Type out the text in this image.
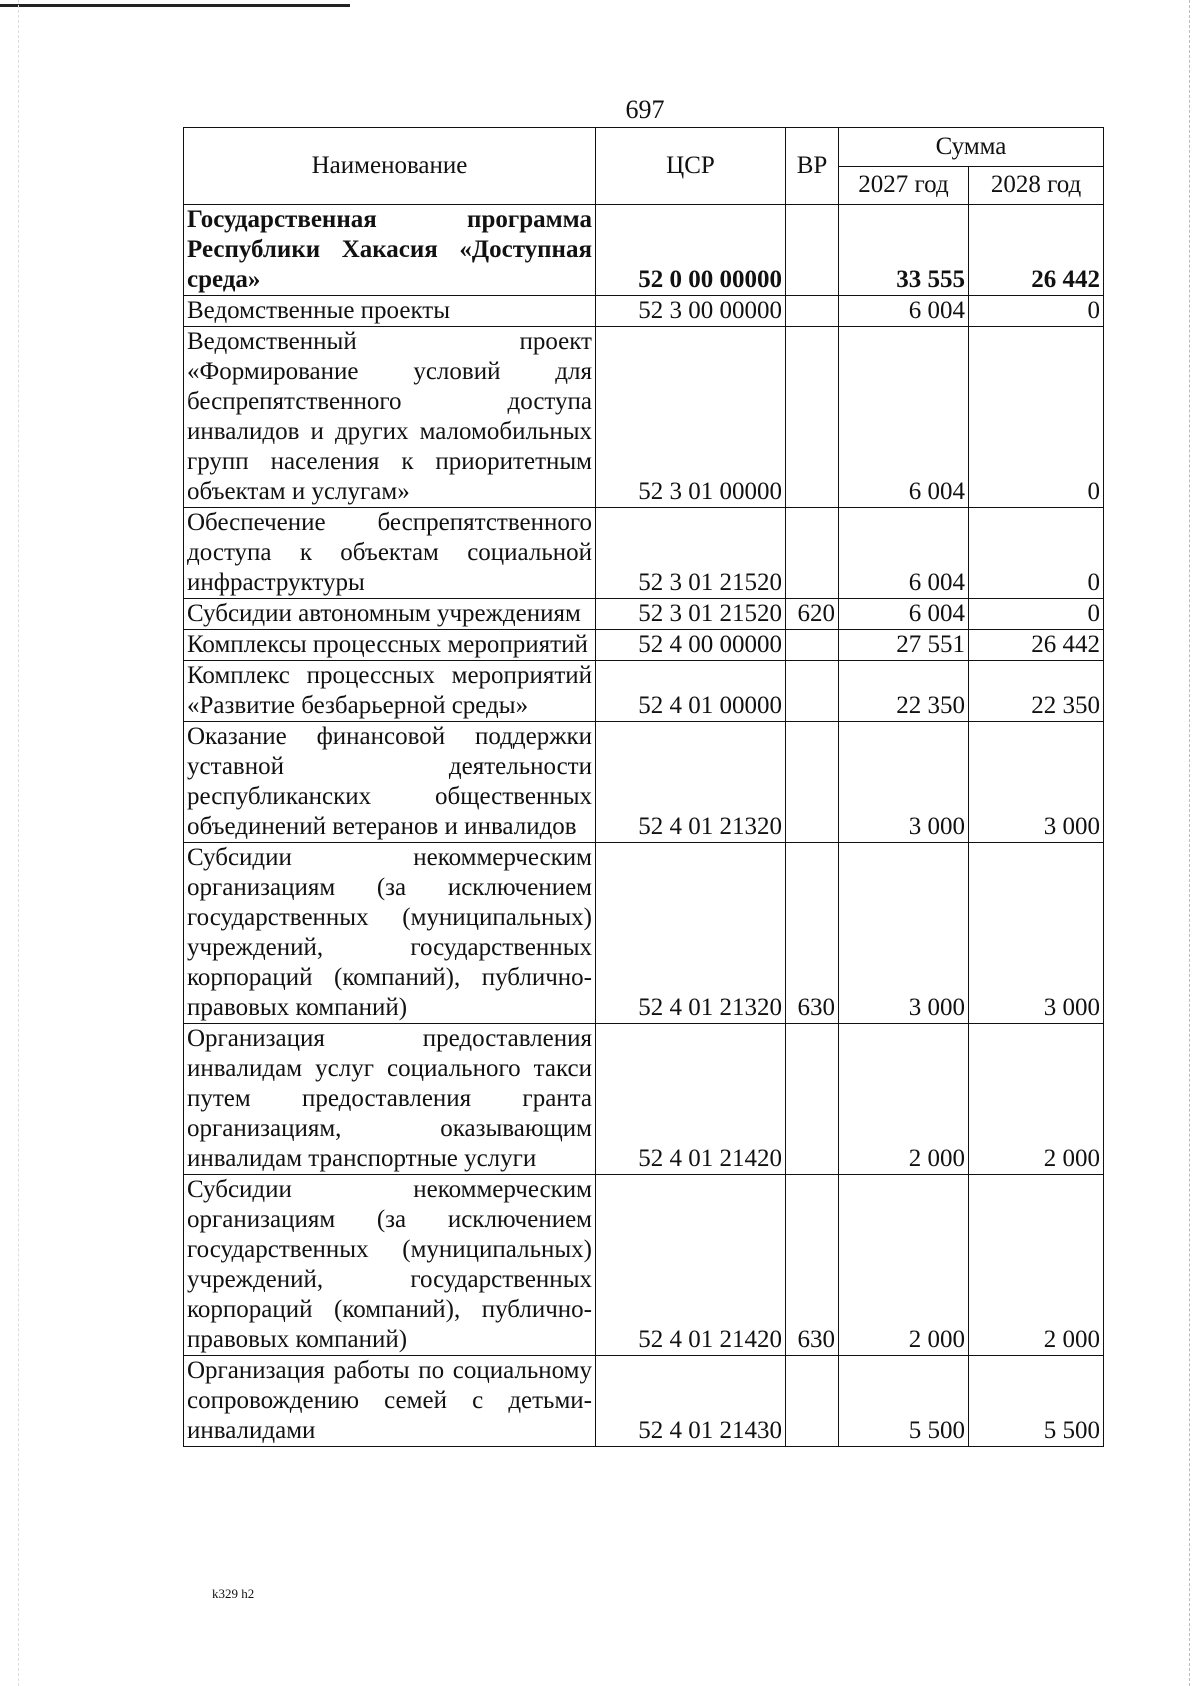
697
Наименование	ЦСР	ВР	Сумма	
			2027 год	2028 год
Государственная программа Республики Хакасия «Доступная среда»	52 0 00 00000		33 555	26 442
Ведомственные проекты	52 3 00 00000		6 004	0
Ведомственный проект «Формирование условий для беспрепятственного доступа инвалидов и других маломобильных групп населения к приоритетным объектам и услугам»	52 3 01 00000		6 004	0
Обеспечение беспрепятственного доступа к объектам социальной инфраструктуры	52 3 01 21520		6 004	0
Субсидии автономным учреждениям	52 3 01 21520	620	6 004	0
Комплексы процессных мероприятий	52 4 00 00000		27 551	26 442
Комплекс процессных мероприятий «Развитие безбарьерной среды»	52 4 01 00000		22 350	22 350
Оказание финансовой поддержки уставной деятельности республиканских общественных объединений ветеранов и инвалидов	52 4 01 21320		3 000	3 000
Субсидии некоммерческим организациям (за исключением государственных (муниципальных) учреждений, государственных корпораций (компаний), публично-правовых компаний)	52 4 01 21320	630	3 000	3 000
Организация предоставления инвалидам услуг социального такси путем предоставления гранта организациям, оказывающим инвалидам транспортные услуги	52 4 01 21420		2 000	2 000
Субсидии некоммерческим организациям (за исключением государственных (муниципальных) учреждений, государственных корпораций (компаний), публично-правовых компаний)	52 4 01 21420	630	2 000	2 000
Организация работы по социальному сопровождению семей с детьми-инвалидами	52 4 01 21430		5 500	5 500
k329 h2
